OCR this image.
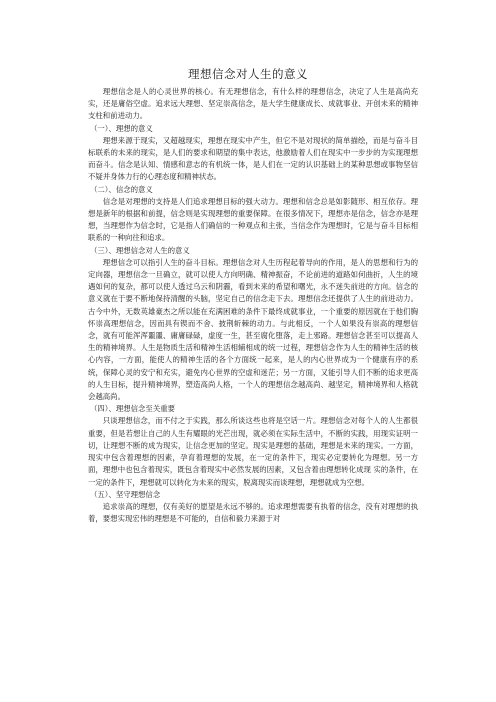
理想信念对人生的意义

理想信念是人的心灵世界的核心。有无理想信念，有什么样的理想信念，决定了人生是高尚充实，还是庸俗空虚。追求远大理想、坚定崇高信念，是大学生健康成长、成就事业、开创未来的精神支柱和前进动力。

（一）、理想的意义

理想来源于现实，又超越现实，理想在现实中产生，但它不是对现状的简单描绘，而是与奋斗目标联系的未来的现实，是人们的要求和期望的集中表达，他激励着人们在现实中一步步的为实现理想而奋斗。信念是认知、情感和意志的有机统一体，是人们在一定的认识基础上的某种思想或事物坚信不疑并身体力行的心理态度和精神状态。

（二）、信念的意义

信念是对理想的支持是人们追求理想目标的强大动力。理想和信念总是如影随形、相互依存。理想是新年的根据和前提，信念则是实现理想的重要保障。在很多情况下，理想亦是信念，信念亦是理想，当理想作为信念时，它是指人们确信的一种观点和主张，当信念作为理想时，它是与奋斗目标相联系的一种向往和追求。

（三）、理想信念对人生的意义

理想信念可以指引人生的奋斗目标。理想信念对人生历程起着导向的作用，是人的思想和行为的定向器，理想信念一旦确立，就可以使人方向明确、精神振奋，不论前进的道路如何曲折，人生的境遇如何的复杂，都可以使人透过乌云和阴霾，看到未来的希望和曙光，永不迷失前进的方向。信念的意义就在于要不断地保持清醒的头脑，坚定自己的信念走下去。理想信念还提供了人生的前进动力。古今中外，无数英雄豪杰之所以能在充满困难的条件下最终成就事业，一个重要的原因就在于他们胸怀崇高理想信念，因而具有锲而不舍、披荆斩棘的动力。与此相反，一个人如果没有崇高的理想信念，就有可能浑浑噩噩、庸庸碌碌，虚度一生，甚至腐化堕落，走上邪路。理想信念甚至可以提高人生的精神境界。人生是物质生活和精神生活相辅相成的统一过程，理想信念作为人生的精神生活的核心内容，一方面，能使人的精神生活的各个方面统一起来，是人的内心世界成为一个健康有序的系统，保障心灵的安宁和充实，避免内心世界的空虚和迷茫；另一方面，又能引导人们不断的追求更高的人生目标，提升精神境界，塑造高尚人格，一个人的理想信念越高尚、越坚定，精神境界和人格就会越高尚。

（四）、理想信念至关重要

只谈理想信念，而不付之于实践，那么所谈这些也将是空话一片。理想信念对每个人的人生都很重要，但是若想让自己的人生有耀眼的光芒出现，就必须在实际生活中，不断的实践，用现实证明一切，让理想不断的成为现实，让信念更加的坚定。现实是理想的基础，理想是未来的现实。一方面，现实中包含着理想的因素，孕育着理想的发展，在一定的条件下，现实必定要转化为理想。另一方面，理想中也包含着现实，既包含着现实中必然发展的因素，又包含着由理想转化成现 实的条件，在一定的条件下，理想就可以转化为未来的现实，脱离现实而谈理想，理想就成为空想。

（五）、坚守理想信念

追求崇高的理想，仅有美好的愿望是永远不够的。追求理想需要有执着的信念，没有对理想的执着，要想实现宏伟的理想是不可能的，自信和毅力来源于对
